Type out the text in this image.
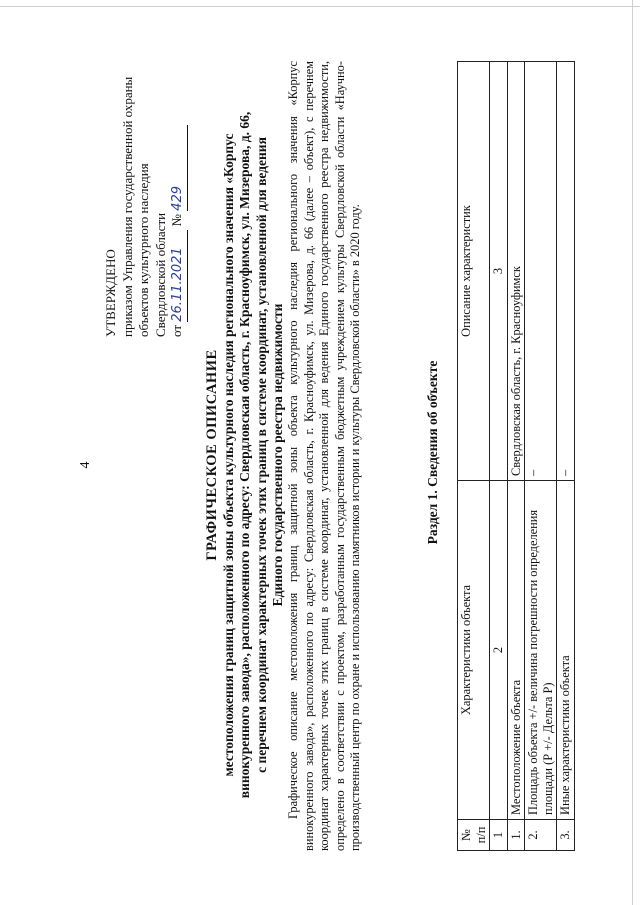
4
УТВЕРЖДЕНО приказом Управления государственной охраны объектов культурного наследия Свердловской области от 26.11.2021 № 429
ГРАФИЧЕСКОЕ ОПИСАНИЕ местоположения границ защитной зоны объекта культурного наследия регионального значения «Корпус винокуренного завода», расположенного по адресу: Свердловская область, г. Красноуфимск, ул. Мизерова, д. 66, с перечнем координат характерных точек этих границ в системе координат, установленной для ведения Единого государственного реестра недвижимости Графическое описание местоположения границ защитной зоны объекта культурного наследия регионального значения «Корпус винокуренного завода», расположенного по адресу: Свердловская область, г. Красноуфимск, ул. Мизерова, д. 66 (далее – объект), с перечнем координат характерных точек этих границ в системе координат, установленной для ведения Единого государственного реестра недвижимости, определено в соответствии с проектом, разработанным государственным бюджетным учреждением культуры Свердловской области «Научно-производственный центр по охране и использованию памятников истории и культуры Свердловской области» в 2020 году.	Раздел 1. Сведения об объекте
№ п/п	Характеристики объекта	Описание характеристик
1	2	3
1.	Местоположение объекта	Свердловская область, г. Красноуфимск
2.	Площадь объекта +/- величина погрешности определения площади (Р +/- Дельта Р)	–
3.	Иные характеристики объекта	–
